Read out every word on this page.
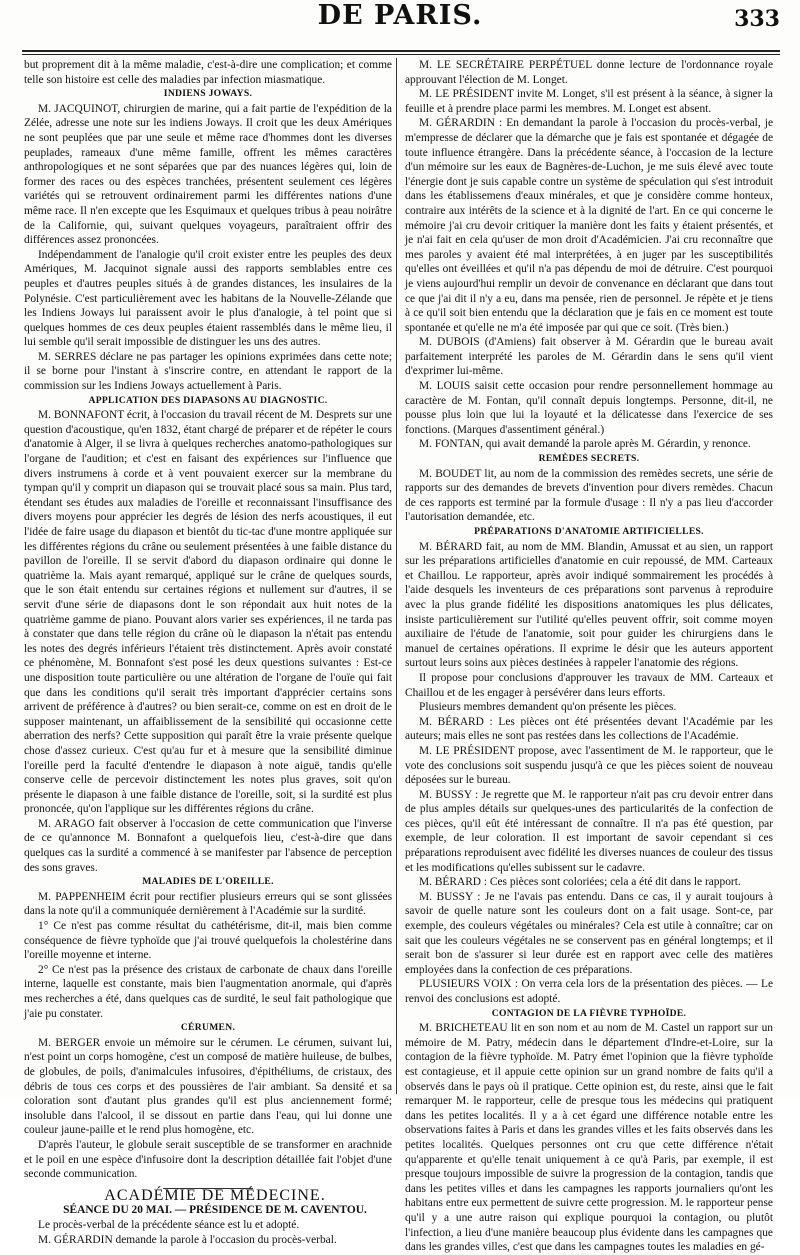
DE PARIS.	333

but proprement dit à la même maladie, c'est-à-dire une complication; et comme telle son histoire est celle des maladies par infection miasmatique.

INDIENS JOWAYS.

M. JACQUINOT, chirurgien de marine, qui a fait partie de l'expédition de la Zélée, adresse une note sur les indiens Joways. Il croit que les deux Amériques ne sont peuplées que par une seule et même race d'hommes dont les diverses peuplades, rameaux d'une même famille, offrent les mêmes caractères anthropologiques et ne sont séparées que par des nuances légères qui, loin de former des races ou des espèces tranchées, présentent seulement ces légères variétés qui se retrouvent ordinairement parmi les différentes nations d'une même race. Il n'en excepte que les Esquimaux et quelques tribus à peau noirâtre de la Californie, qui, suivant quelques voyageurs, paraîtraient offrir des différences assez prononcées.

Indépendamment de l'analogie qu'il croit exister entre les peuples des deux Amériques, M. Jacquinot signale aussi des rapports semblables entre ces peuples et d'autres peuples situés à de grandes distances, les insulaires de la Polynésie. C'est particulièrement avec les habitans de la Nouvelle-Zélande que les Indiens Joways lui paraissent avoir le plus d'analogie, à tel point que si quelques hommes de ces deux peuples étaient rassemblés dans le même lieu, il lui semble qu'il serait impossible de distinguer les uns des autres.

M. SERRES déclare ne pas partager les opinions exprimées dans cette note; il se borne pour l'instant à s'inscrire contre, en attendant le rapport de la commission sur les Indiens Joways actuellement à Paris.

APPLICATION DES DIAPASONS AU DIAGNOSTIC.

M. BONNAFONT écrit, à l'occasion du travail récent de M. Desprets sur une question d'acoustique, qu'en 1832, étant chargé de préparer et de répéter le cours d'anatomie à Alger, il se livra à quelques recherches anatomo-pathologiques sur l'organe de l'audition; et c'est en faisant des expériences sur l'influence que divers instrumens à corde et à vent pouvaient exercer sur la membrane du tympan qu'il y comprit un diapason qui se trouvait placé sous sa main. Plus tard, étendant ses études aux maladies de l'oreille et reconnaissant l'insuffisance des divers moyens pour apprécier les degrés de lésion des nerfs acoustiques, il eut l'idée de faire usage du diapason et bientôt du tic-tac d'une montre appliquée sur les différentes régions du crâne ou seulement présentées à une faible distance du pavillon de l'oreille. Il se servit d'abord du diapason ordinaire qui donne le quatrième la. Mais ayant remarqué, appliqué sur le crâne de quelques sourds, que le son était entendu sur certaines régions et nullement sur d'autres, il se servit d'une série de diapasons dont le son répondait aux huit notes de la quatrième gamme de piano. Pouvant alors varier ses expériences, il ne tarda pas à constater que dans telle région du crâne où le diapason la n'était pas entendu les notes des degrés inférieurs l'étaient très distinctement. Après avoir constaté ce phénomène, M. Bonnafont s'est posé les deux questions suivantes : Est-ce une disposition toute particulière ou une altération de l'organe de l'ouïe qui fait que dans les conditions qu'il serait très important d'apprécier certains sons arrivent de préférence à d'autres? ou bien serait-ce, comme on est en droit de le supposer maintenant, un affaiblissement de la sensibilité qui occasionne cette aberration des nerfs? Cette supposition qui paraît être la vraie présente quelque chose d'assez curieux. C'est qu'au fur et à mesure que la sensibilité diminue l'oreille perd la faculté d'entendre le diapason à note aiguë, tandis qu'elle conserve celle de percevoir distinctement les notes plus graves, soit qu'on présente le diapason à une faible distance de l'oreille, soit, si la surdité est plus prononcée, qu'on l'applique sur les différentes régions du crâne.

M. ARAGO fait observer à l'occasion de cette communication que l'inverse de ce qu'annonce M. Bonnafont a quelquefois lieu, c'est-à-dire que dans quelques cas la surdité a commencé à se manifester par l'absence de perception des sons graves.

MALADIES DE L'OREILLE.

M. PAPPENHEIM écrit pour rectifier plusieurs erreurs qui se sont glissées dans la note qu'il a communiquée dernièrement à l'Académie sur la surdité.

1° Ce n'est pas comme résultat du cathétérisme, dit-il, mais bien comme conséquence de fièvre typhoïde que j'ai trouvé quelquefois la cholestérine dans l'oreille moyenne et interne.

2° Ce n'est pas la présence des cristaux de carbonate de chaux dans l'oreille interne, laquelle est constante, mais bien l'augmentation anormale, qui d'après mes recherches a été, dans quelques cas de surdité, le seul fait pathologique que j'aie pu constater.

CÉRUMEN.

M. BERGER envoie un mémoire sur le cérumen. Le cérumen, suivant lui, n'est point un corps homogène, c'est un composé de matière huileuse, de bulbes, de globules, de poils, d'animalcules infusoires, d'épithéliums, de cristaux, des débris de tous ces corps et des poussières de l'air ambiant. Sa densité et sa coloration sont d'autant plus grandes qu'il est plus anciennement formé; insoluble dans l'alcool, il se dissout en partie dans l'eau, qui lui donne une couleur jaune-paille et le rend plus homogène, etc.

D'après l'auteur, le globule serait susceptible de se transformer en arachnide et le poil en une espèce d'infusoire dont la description détaillée fait l'objet d'une seconde communication.

ACADÉMIE DE MÉDECINE.

SÉANCE DU 20 MAI. — PRÉSIDENCE DE M. CAVENTOU.

Le procès-verbal de la précédente séance est lu et adopté.

M. GÉRARDIN demande la parole à l'occasion du procès-verbal.

M. LE SECRÉTAIRE PERPÉTUEL donne lecture de l'ordonnance royale approuvant l'élection de M. Longet.

M. LE PRÉSIDENT invite M. Longet, s'il est présent à la séance, à signer la feuille et à prendre place parmi les membres. M. Longet est absent.

M. GÉRARDIN : En demandant la parole à l'occasion du procès-verbal, je m'empresse de déclarer que la démarche que je fais est spontanée et dégagée de toute influence étrangère. Dans la précédente séance, à l'occasion de la lecture d'un mémoire sur les eaux de Bagnères-de-Luchon, je me suis élevé avec toute l'énergie dont je suis capable contre un système de spéculation qui s'est introduit dans les établissemens d'eaux minérales, et que je considère comme honteux, contraire aux intérêts de la science et à la dignité de l'art. En ce qui concerne le mémoire j'ai cru devoir critiquer la manière dont les faits y étaient présentés, et je n'ai fait en cela qu'user de mon droit d'Académicien. J'ai cru reconnaître que mes paroles y avaient été mal interprétées, à en juger par les susceptibilités qu'elles ont éveillées et qu'il n'a pas dépendu de moi de détruire. C'est pourquoi je viens aujourd'hui remplir un devoir de convenance en déclarant que dans tout ce que j'ai dit il n'y a eu, dans ma pensée, rien de personnel. Je répète et je tiens à ce qu'il soit bien entendu que la déclaration que je fais en ce moment est toute spontanée et qu'elle ne m'a été imposée par qui que ce soit. (Très bien.)

M. DUBOIS (d'Amiens) fait observer à M. Gérardin que le bureau avait parfaitement interprété les paroles de M. Gérardin dans le sens qu'il vient d'exprimer lui-même.

M. LOUIS saisit cette occasion pour rendre personnellement hommage au caractère de M. Fontan, qu'il connaît depuis longtemps. Personne, dit-il, ne pousse plus loin que lui la loyauté et la délicatesse dans l'exercice de ses fonctions. (Marques d'assentiment général.)

M. FONTAN, qui avait demandé la parole après M. Gérardin, y renonce.

REMÈDES SECRETS.

M. BOUDET lit, au nom de la commission des remèdes secrets, une série de rapports sur des demandes de brevets d'invention pour divers remèdes. Chacun de ces rapports est terminé par la formule d'usage : Il n'y a pas lieu d'accorder l'autorisation demandée, etc.

PRÉPARATIONS D'ANATOMIE ARTIFICIELLES.

M. BÉRARD fait, au nom de MM. Blandin, Amussat et au sien, un rapport sur les préparations artificielles d'anatomie en cuir repoussé, de MM. Carteaux et Chaillou. Le rapporteur, après avoir indiqué sommairement les procédés à l'aide desquels les inventeurs de ces préparations sont parvenus à reproduire avec la plus grande fidélité les dispositions anatomiques les plus délicates, insiste particulièrement sur l'utilité qu'elles peuvent offrir, soit comme moyen auxiliaire de l'étude de l'anatomie, soit pour guider les chirurgiens dans le manuel de certaines opérations. Il exprime le désir que les auteurs apportent surtout leurs soins aux pièces destinées à rappeler l'anatomie des régions.

Il propose pour conclusions d'approuver les travaux de MM. Carteaux et Chaillou et de les engager à persévérer dans leurs efforts.

Plusieurs membres demandent qu'on présente les pièces.

M. BÉRARD : Les pièces ont été présentées devant l'Académie par les auteurs; mais elles ne sont pas restées dans les collections de l'Académie.

M. LE PRÉSIDENT propose, avec l'assentiment de M. le rapporteur, que le vote des conclusions soit suspendu jusqu'à ce que les pièces soient de nouveau déposées sur le bureau.

M. BUSSY : Je regrette que M. le rapporteur n'ait pas cru devoir entrer dans de plus amples détails sur quelques-unes des particularités de la confection de ces pièces, qu'il eût été intéressant de connaître. Il n'a pas été question, par exemple, de leur coloration. Il est important de savoir cependant si ces préparations reproduisent avec fidélité les diverses nuances de couleur des tissus et les modifications qu'elles subissent sur le cadavre.

M. BÉRARD : Ces pièces sont coloriées; cela a été dit dans le rapport.

M. BUSSY : Je ne l'avais pas entendu. Dans ce cas, il y aurait toujours à savoir de quelle nature sont les couleurs dont on a fait usage. Sont-ce, par exemple, des couleurs végétales ou minérales? Cela est utile à connaître; car on sait que les couleurs végétales ne se conservent pas en général longtemps; et il serait bon de s'assurer si leur durée est en rapport avec celle des matières employées dans la confection de ces préparations.

PLUSIEURS VOIX : On verra cela lors de la présentation des pièces. — Le renvoi des conclusions est adopté.

CONTAGION DE LA FIÈVRE TYPHOÏDE.

M. BRICHETEAU lit en son nom et au nom de M. Castel un rapport sur un mémoire de M. Patry, médecin dans le département d'Indre-et-Loire, sur la contagion de la fièvre typhoïde. M. Patry émet l'opinion que la fièvre typhoïde est contagieuse, et il appuie cette opinion sur un grand nombre de faits qu'il a observés dans le pays où il pratique. Cette opinion est, du reste, ainsi que le fait remarquer M. le rapporteur, celle de presque tous les médecins qui pratiquent dans les petites localités. Il y a à cet égard une différence notable entre les observations faites à Paris et dans les grandes villes et les faits observés dans les petites localités. Quelques personnes ont cru que cette différence n'était qu'apparente et qu'elle tenait uniquement à ce qu'à Paris, par exemple, il est presque toujours impossible de suivre la progression de la contagion, tandis que dans les petites villes et dans les campagnes les rapports journaliers qu'ont les habitans entre eux permettent de suivre cette progression. M. le rapporteur pense qu'il y a une autre raison qui explique pourquoi la contagion, ou plutôt l'infection, a lieu d'une manière beaucoup plus évidente dans les campagnes que dans les grandes villes, c'est que dans les campagnes toutes les maladies en gé-
